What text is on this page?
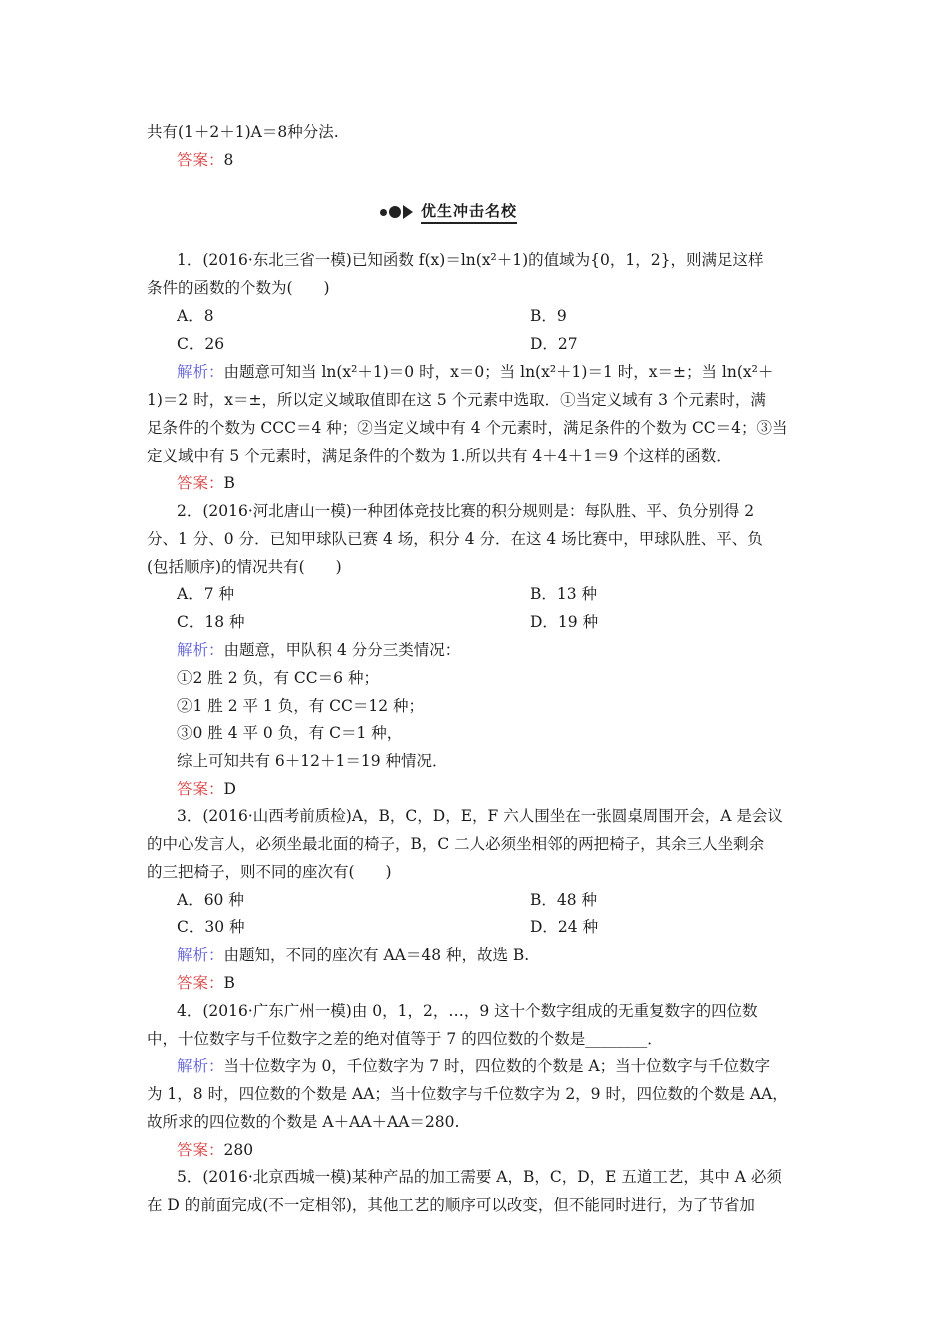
共有(1＋2＋1)A＝8种分法.
答案：8
优生冲击名校
1．(2016·东北三省一模)已知函数 f(x)＝ln(x²＋1)的值域为{0，1，2}，则满足这样
条件的函数的个数为(　　)
A．8	B．9
C．26	D．27
解析：由题意可知当 ln(x²＋1)＝0 时，x＝0；当 ln(x²＋1)＝1 时，x＝±；当 ln(x²＋
1)＝2 时，x＝±，所以定义域取值即在这 5 个元素中选取．①当定义域有 3 个元素时，满
足条件的个数为 CCC＝4 种；②当定义域中有 4 个元素时，满足条件的个数为 CC＝4；③当
定义域中有 5 个元素时，满足条件的个数为 1.所以共有 4＋4＋1＝9 个这样的函数．
答案：B
2．(2016·河北唐山一模)一种团体竞技比赛的积分规则是：每队胜、平、负分别得 2
分、1 分、0 分．已知甲球队已赛 4 场，积分 4 分．在这 4 场比赛中，甲球队胜、平、负
(包括顺序)的情况共有(　　)
A．7 种	B．13 种
C．18 种	D．19 种
解析：由题意，甲队积 4 分分三类情况：
①2 胜 2 负，有 CC＝6 种；
②1 胜 2 平 1 负，有 CC＝12 种；
③0 胜 4 平 0 负，有 C＝1 种，
综上可知共有 6＋12＋1＝19 种情况．
答案：D
3．(2016·山西考前质检)A，B，C，D，E，F 六人围坐在一张圆桌周围开会，A 是会议
的中心发言人，必须坐最北面的椅子，B，C 二人必须坐相邻的两把椅子，其余三人坐剩余
的三把椅子，则不同的座次有(　　)
A．60 种	B．48 种
C．30 种	D．24 种
解析：由题知，不同的座次有 AA＝48 种，故选 B.
答案：B
4．(2016·广东广州一模)由 0，1，2，…，9 这十个数字组成的无重复数字的四位数
中，十位数字与千位数字之差的绝对值等于 7 的四位数的个数是________．
解析：当十位数字为 0，千位数字为 7 时，四位数的个数是 A；当十位数字与千位数字
为 1，8 时，四位数的个数是 AA；当十位数字与千位数字为 2，9 时，四位数的个数是 AA，
故所求的四位数的个数是 A＋AA＋AA＝280.
答案：280
5．(2016·北京西城一模)某种产品的加工需要 A，B，C，D，E 五道工艺，其中 A 必须
在 D 的前面完成(不一定相邻)，其他工艺的顺序可以改变，但不能同时进行，为了节省加
